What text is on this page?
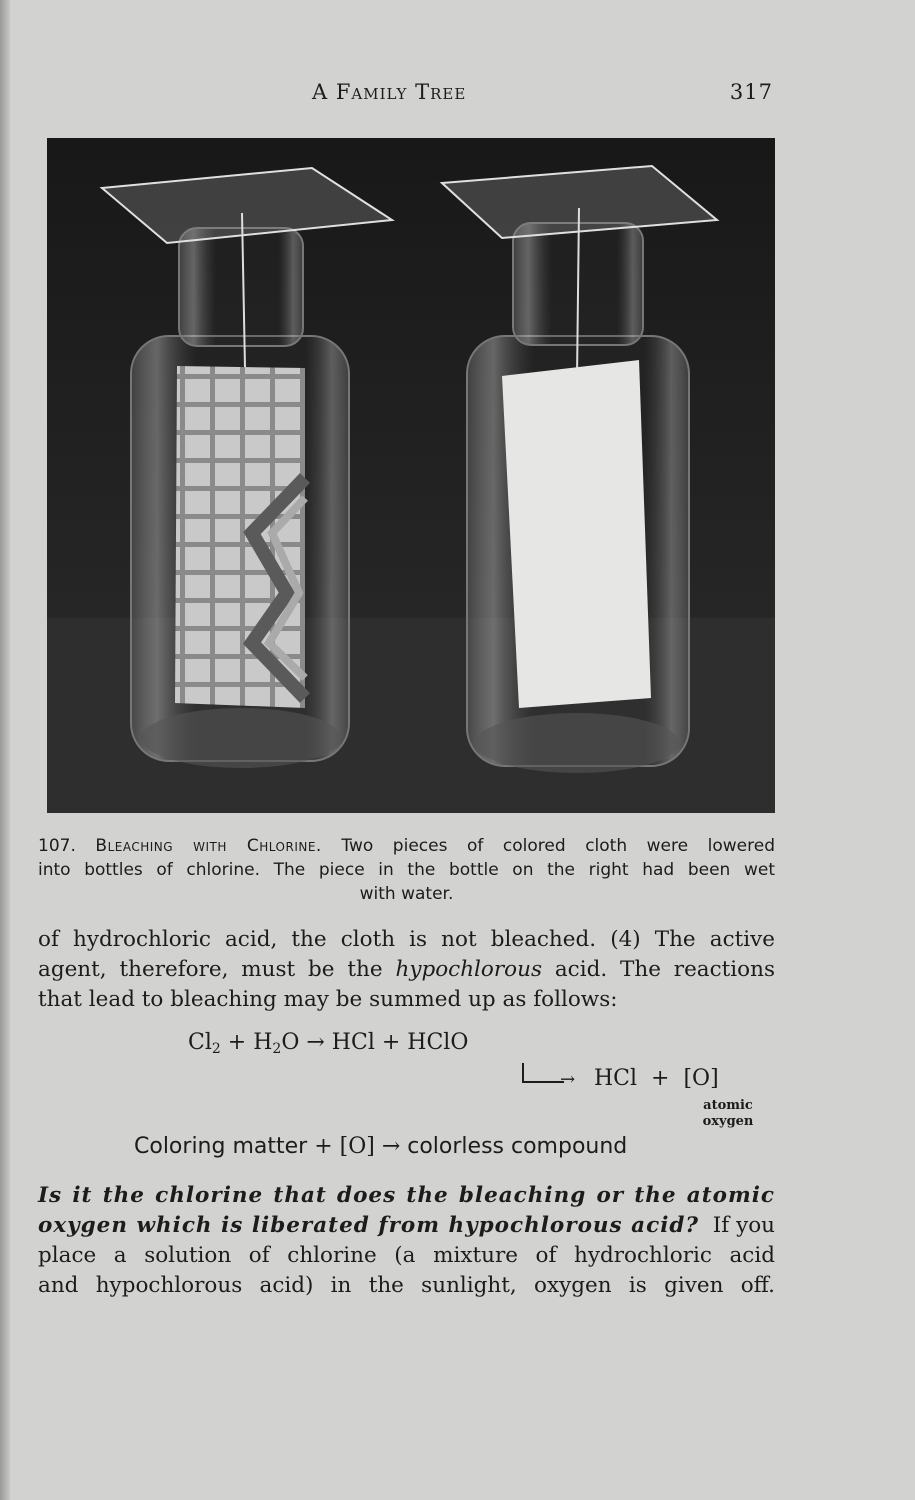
A Family Tree	317
107. Bleaching with Chlorine. Two pieces of colored cloth were lowered
into bottles of chlorine. The piece in the bottle on the right had been wet
with water.
of hydrochloric acid, the cloth is not bleached. (4) The active
agent, therefore, must be the hypochlorous acid. The reactions
that lead to bleaching may be summed up as follows:
$Cl_2 + H_2O$ → HCl + HClO
→ HCl  +  [O]
atomic
oxygen
Coloring matter + [O] → colorless compound
Is it the chlorine that does the bleaching or the atomic
oxygen which is liberated from hypochlorous acid?  If you
place a solution of chlorine (a mixture of hydrochloric acid
and hypochlorous acid) in the sunlight, oxygen is given off.
